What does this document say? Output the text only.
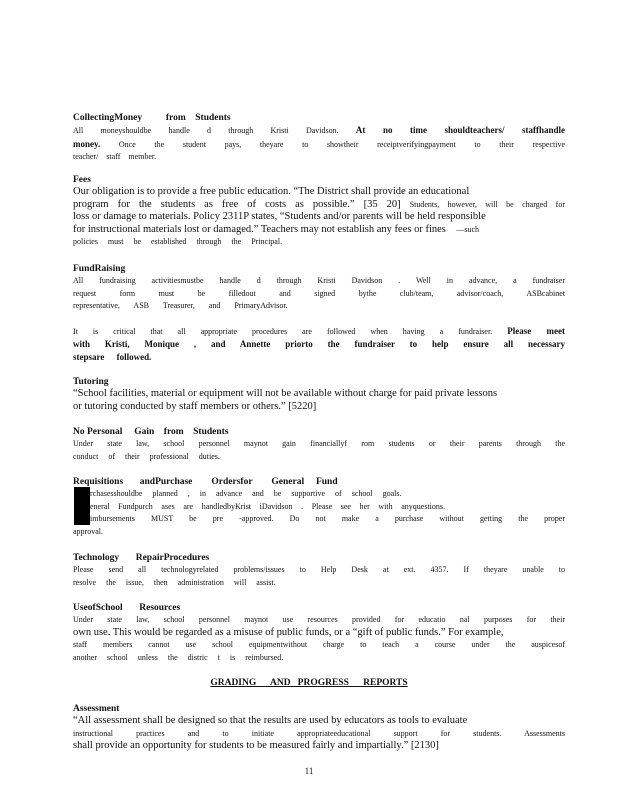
CollectingMoney          from    Students
All moneyshouldbe handle d through Kristi Davidson. At no time shouldteachers/ staffhandle
money. Once the student pays, theyare to showtheir receiptverifyingpayment to their respective
teacher/ staff member.
Fees
Our obligation is to provide a free public education. “The District shall provide an educational
program for the students as free of costs as possible.” [35 20] Students, however, will be charged for
loss or damage to materials. Policy 2311P states, “Students and/or parents will be held responsible
for instructional materials lost or damaged.” Teachers may not establish any fees or fines —such
policies must be established through the Principal.
FundRaising
All fundraising activitiesmustbe handle d through Kristi Davidson . Well in advance, a fundraiser
request form must be filledout and signed bythe club/team, advisor/coach, ASBcabinet
representative, ASB Treasurer, and PrimaryAdvisor.
It is critical that all appropriate procedures are followed when having a fundraiser. Please meet
with Kristi, Monique , and Annette priorto the fundraiser to help ensure all necessary
stepsare followed.
Tutoring
“School facilities, material or equipment will not be available without charge for paid private lessons
or tutoring conducted by staff members or others.” [5220]
No Personal     Gain    from    Students
Under state law, school personnel maynot gain financiallyf rom students or their parents through the
conduct of their professional duties.
Requisitions       andPurchase        Ordersfor        General     Fund
rchasesshouldbe planned , in advance and be supportive of school goals.
eneral Fundpurch ases are handledbyKrist iDavidson . Please see her with anyquestions.
imbursements MUST be pre -approved. Do not make a purchase without getting the proper
approval.
Technology       RepairProcedures
Please send all technologyrelated problems/issues to Help Desk at ext. 4357. If theyare unable to
resolve the issue, then administration will assist.
UseofSchool       Resources
Under state law, school personnel maynot use resources provided for educatio nal purposes for their
own use. This would be regarded as a misuse of public funds, or a “gift of public funds.” For example,
staff members cannot use school equipmentwithout charge to teach a course under the auspicesof
another school unless the distric t is reimbursed.
GRADING      AND   PROGRESS      REPORTS
Assessment
“All assessment shall be designed so that the results are used by educators as tools to evaluate
instructional practices and to initiate appropriateeducational support for students. Assessments
shall provide an opportunity for students to be measured fairly and impartially.” [2130]
11
